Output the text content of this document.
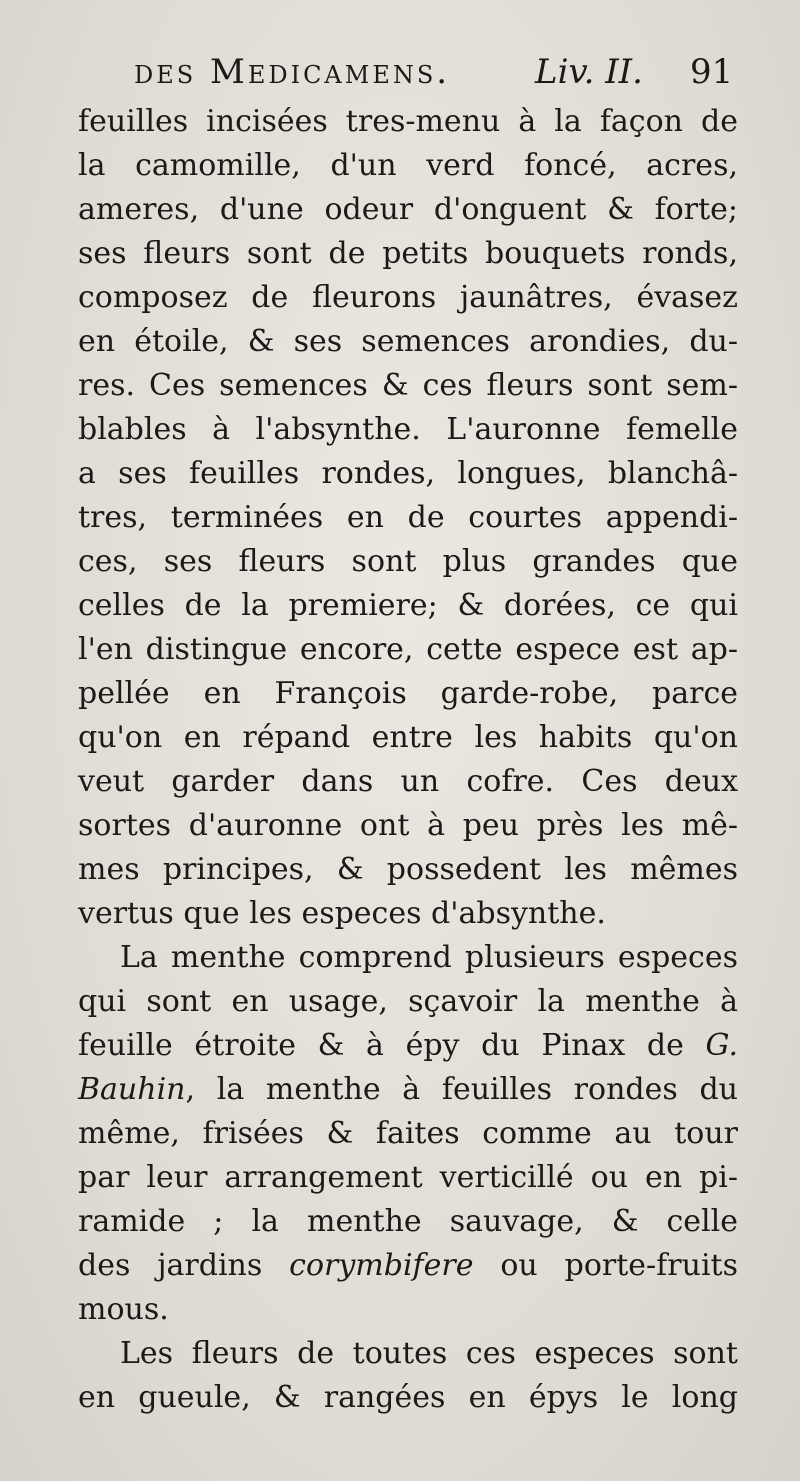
des Medicamens. Liv. II. 91
feuilles incisées tres-menu à la façon de
la camomille, d'un verd foncé, acres,
ameres, d'une odeur d'onguent & forte;
ses fleurs sont de petits bouquets ronds,
composez de fleurons jaunâtres, évasez
en étoile, & ses semences arondies, du-
res. Ces semences & ces fleurs sont sem-
blables à l'absynthe. L'auronne femelle
a ses feuilles rondes, longues, blanchâ-
tres, terminées en de courtes appendi-
ces, ses fleurs sont plus grandes que
celles de la premiere; & dorées, ce qui
l'en distingue encore, cette espece est ap-
pellée en François garde-robe, parce
qu'on en répand entre les habits qu'on
veut garder dans un cofre. Ces deux
sortes d'auronne ont à peu près les mê-
mes principes, & possedent les mêmes
vertus que les especes d'absynthe.
La menthe comprend plusieurs especes
qui sont en usage, sçavoir la menthe à
feuille étroite & à épy du Pinax de G.
Bauhin, la menthe à feuilles rondes du
même, frisées & faites comme au tour
par leur arrangement verticillé ou en pi-
ramide ; la menthe sauvage, & celle
des jardins corymbifere ou porte-fruits
mous.
Les fleurs de toutes ces especes sont
en gueule, & rangées en épys le long
